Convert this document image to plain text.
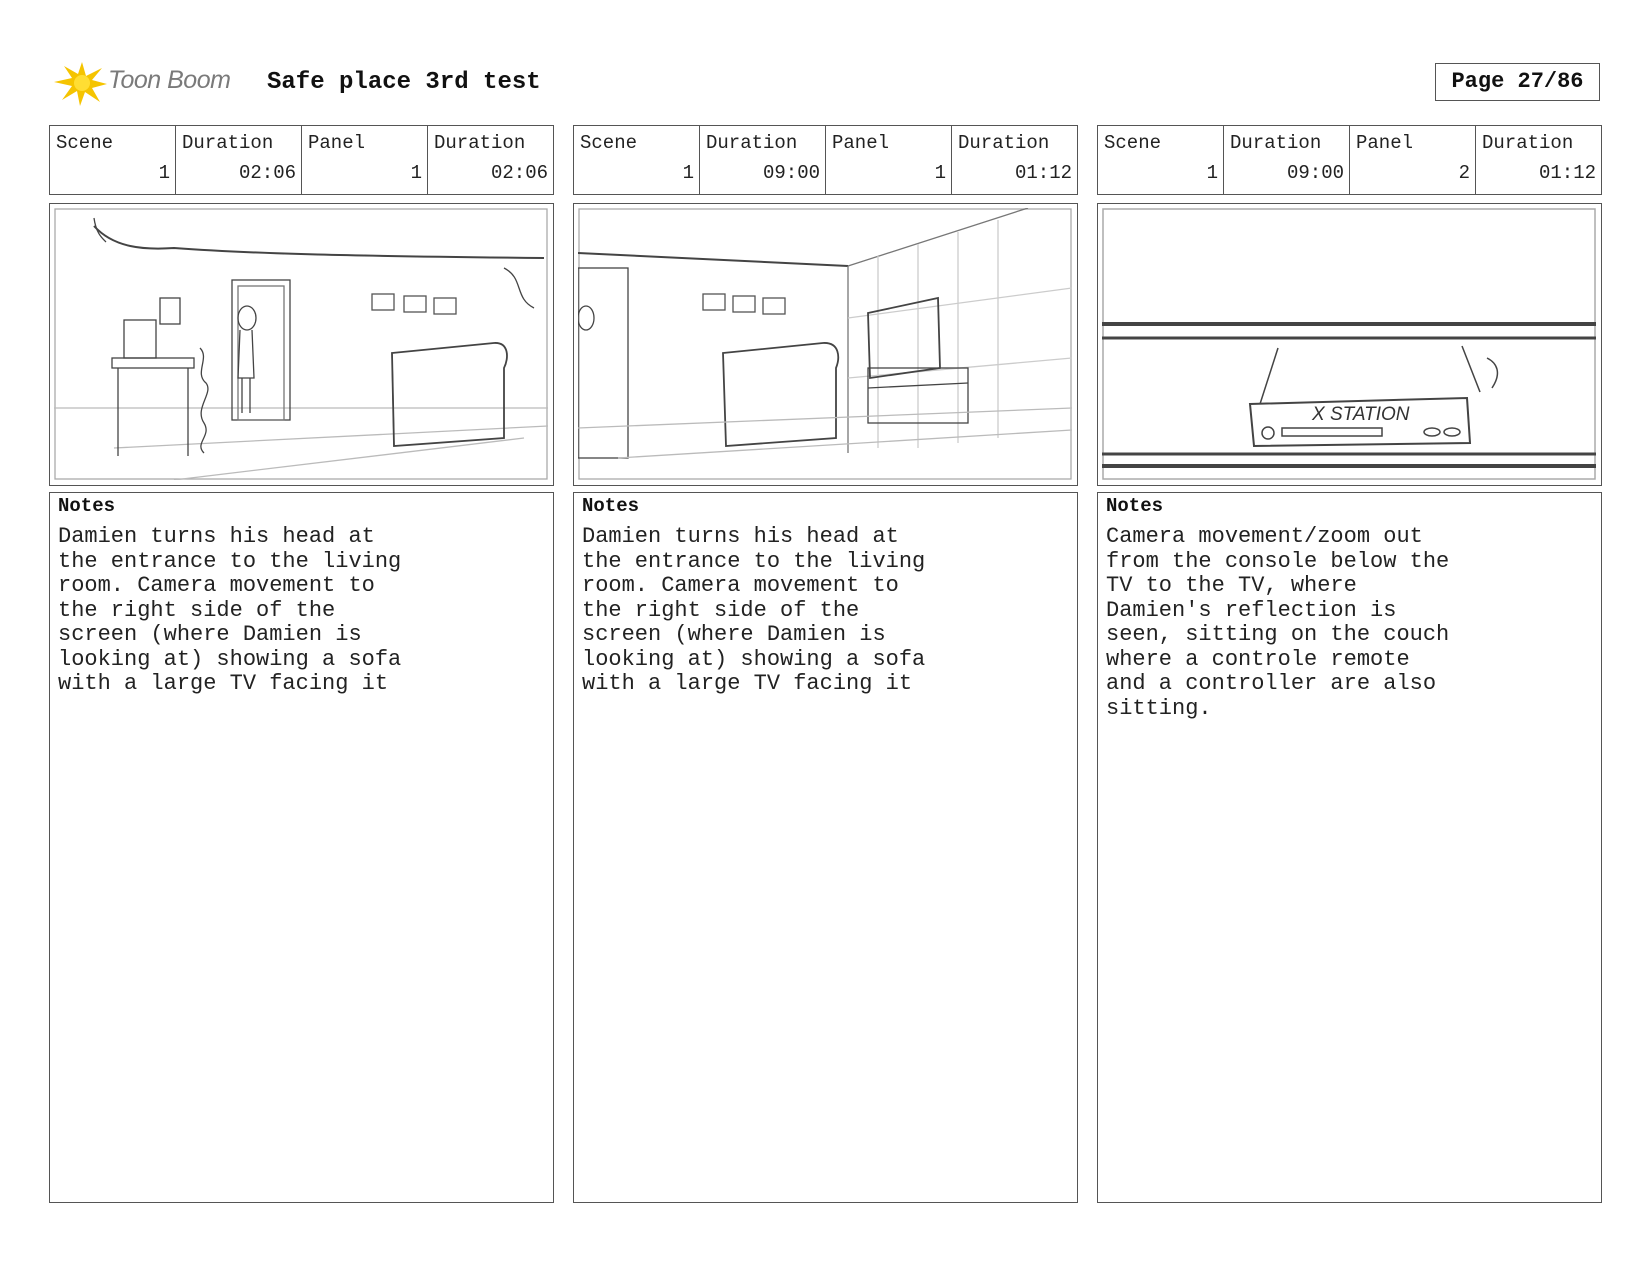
Toon Boom Safe place 3rd test	Page 27/86
Scene
1
Duration
02:06
Panel
1
Duration
02:06
Notes
Damien turns his head at
the entrance to the living
room. Camera movement to
the right side of the
screen (where Damien is
looking at) showing a sofa
with a large TV facing it
Scene
1
Duration
09:00
Panel
1
Duration
01:12
Notes
Damien turns his head at
the entrance to the living
room. Camera movement to
the right side of the
screen (where Damien is
looking at) showing a sofa
with a large TV facing it
Scene
1
Duration
09:00
Panel
2
Duration
01:12
X STATION
Notes
Camera movement/zoom out
from the console below the
TV to the TV, where
Damien's reflection is
seen, sitting on the couch
where a controle remote
and a controller are also
sitting.
